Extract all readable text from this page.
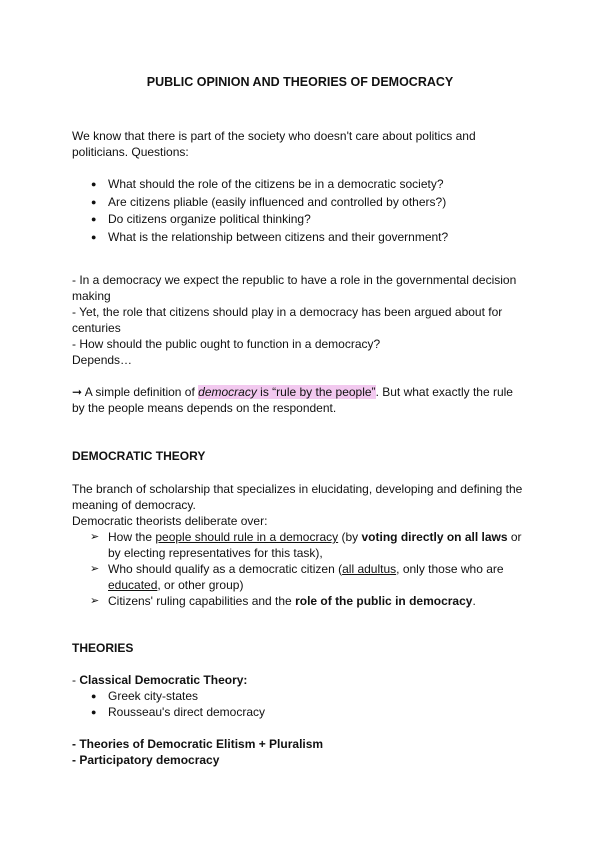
PUBLIC OPINION AND THEORIES OF DEMOCRACY
We know that there is part of the society who doesn't care about politics and
politicians. Questions:
● What should the role of the citizens be in a democratic society?
● Are citizens pliable (easily influenced and controlled by others?)
● Do citizens organize political thinking?
● What is the relationship between citizens and their government?
- In a democracy we expect the republic to have a role in the governmental decision
making
- Yet, the role that citizens should play in a democracy has been argued about for
centuries
- How should the public ought to function in a democracy?
Depends…
➞ A simple definition of democracy is “rule by the people”. But what exactly the rule
by the people means depends on the respondent.
DEMOCRATIC THEORY
The branch of scholarship that specializes in elucidating, developing and defining the
meaning of democracy.
Democratic theorists deliberate over:
➢ How the people should rule in a democracy (by voting directly on all laws or
by electing representatives for this task),
➢ Who should qualify as a democratic citizen (all adultus, only those who are
educated, or other group)
➢ Citizens' ruling capabilities and the role of the public in democracy.
THEORIES
- Classical Democratic Theory:
● Greek city-states
● Rousseau's direct democracy
- Theories of Democratic Elitism + Pluralism
- Participatory democracy
